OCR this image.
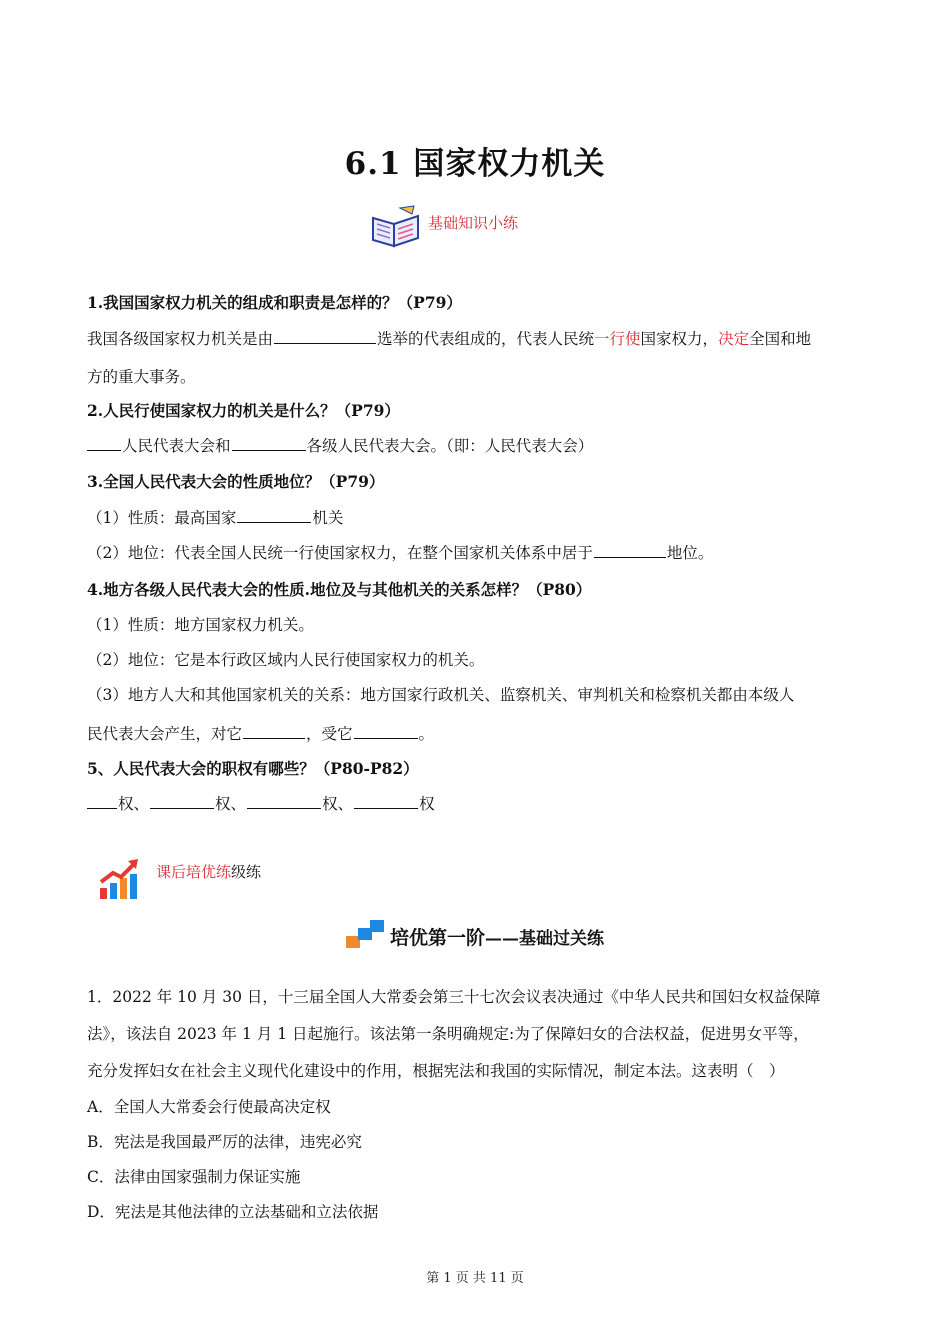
6.1 国家权力机关
基础知识小练
1.我国国家权力机关的组成和职责是怎样的？（P79）
我国各级国家权力机关是由	选举的代表组成的，代表人民统一行使国家权力，决定全国和地
方的重大事务。
2.人民行使国家权力的机关是什么？（P79）
人民代表大会和	各级人民代表大会。（即：人民代表大会）
3.全国人民代表大会的性质地位？（P79）
（1）性质：最高国家	机关
（2）地位：代表全国人民统一行使国家权力，在整个国家机关体系中居于	地位。
4.地方各级人民代表大会的性质.地位及与其他机关的关系怎样？（P80）
（1）性质：地方国家权力机关。
（2）地位：它是本行政区域内人民行使国家权力的机关。
（3）地方人大和其他国家机关的关系：地方国家行政机关、监察机关、审判机关和检察机关都由本级人
民代表大会产生，对它	，受它	。
5、人民代表大会的职权有哪些？（P80-P82）
权、	权、	权、	权
课后培优练级练
培优第一阶——基础过关练
1．2022 年 10 月 30 日，十三届全国人大常委会第三十七次会议表决通过《中华人民共和国妇女权益保障
法》，该法自 2023 年 1 月 1 日起施行。该法第一条明确规定:为了保障妇女的合法权益，促进男女平等，
充分发挥妇女在社会主义现代化建设中的作用，根据宪法和我国的实际情况，制定本法。这表明（　）
A．全国人大常委会行使最高决定权
B．宪法是我国最严厉的法律，违宪必究
C．法律由国家强制力保证实施
D．宪法是其他法律的立法基础和立法依据
第 1 页 共 11 页
